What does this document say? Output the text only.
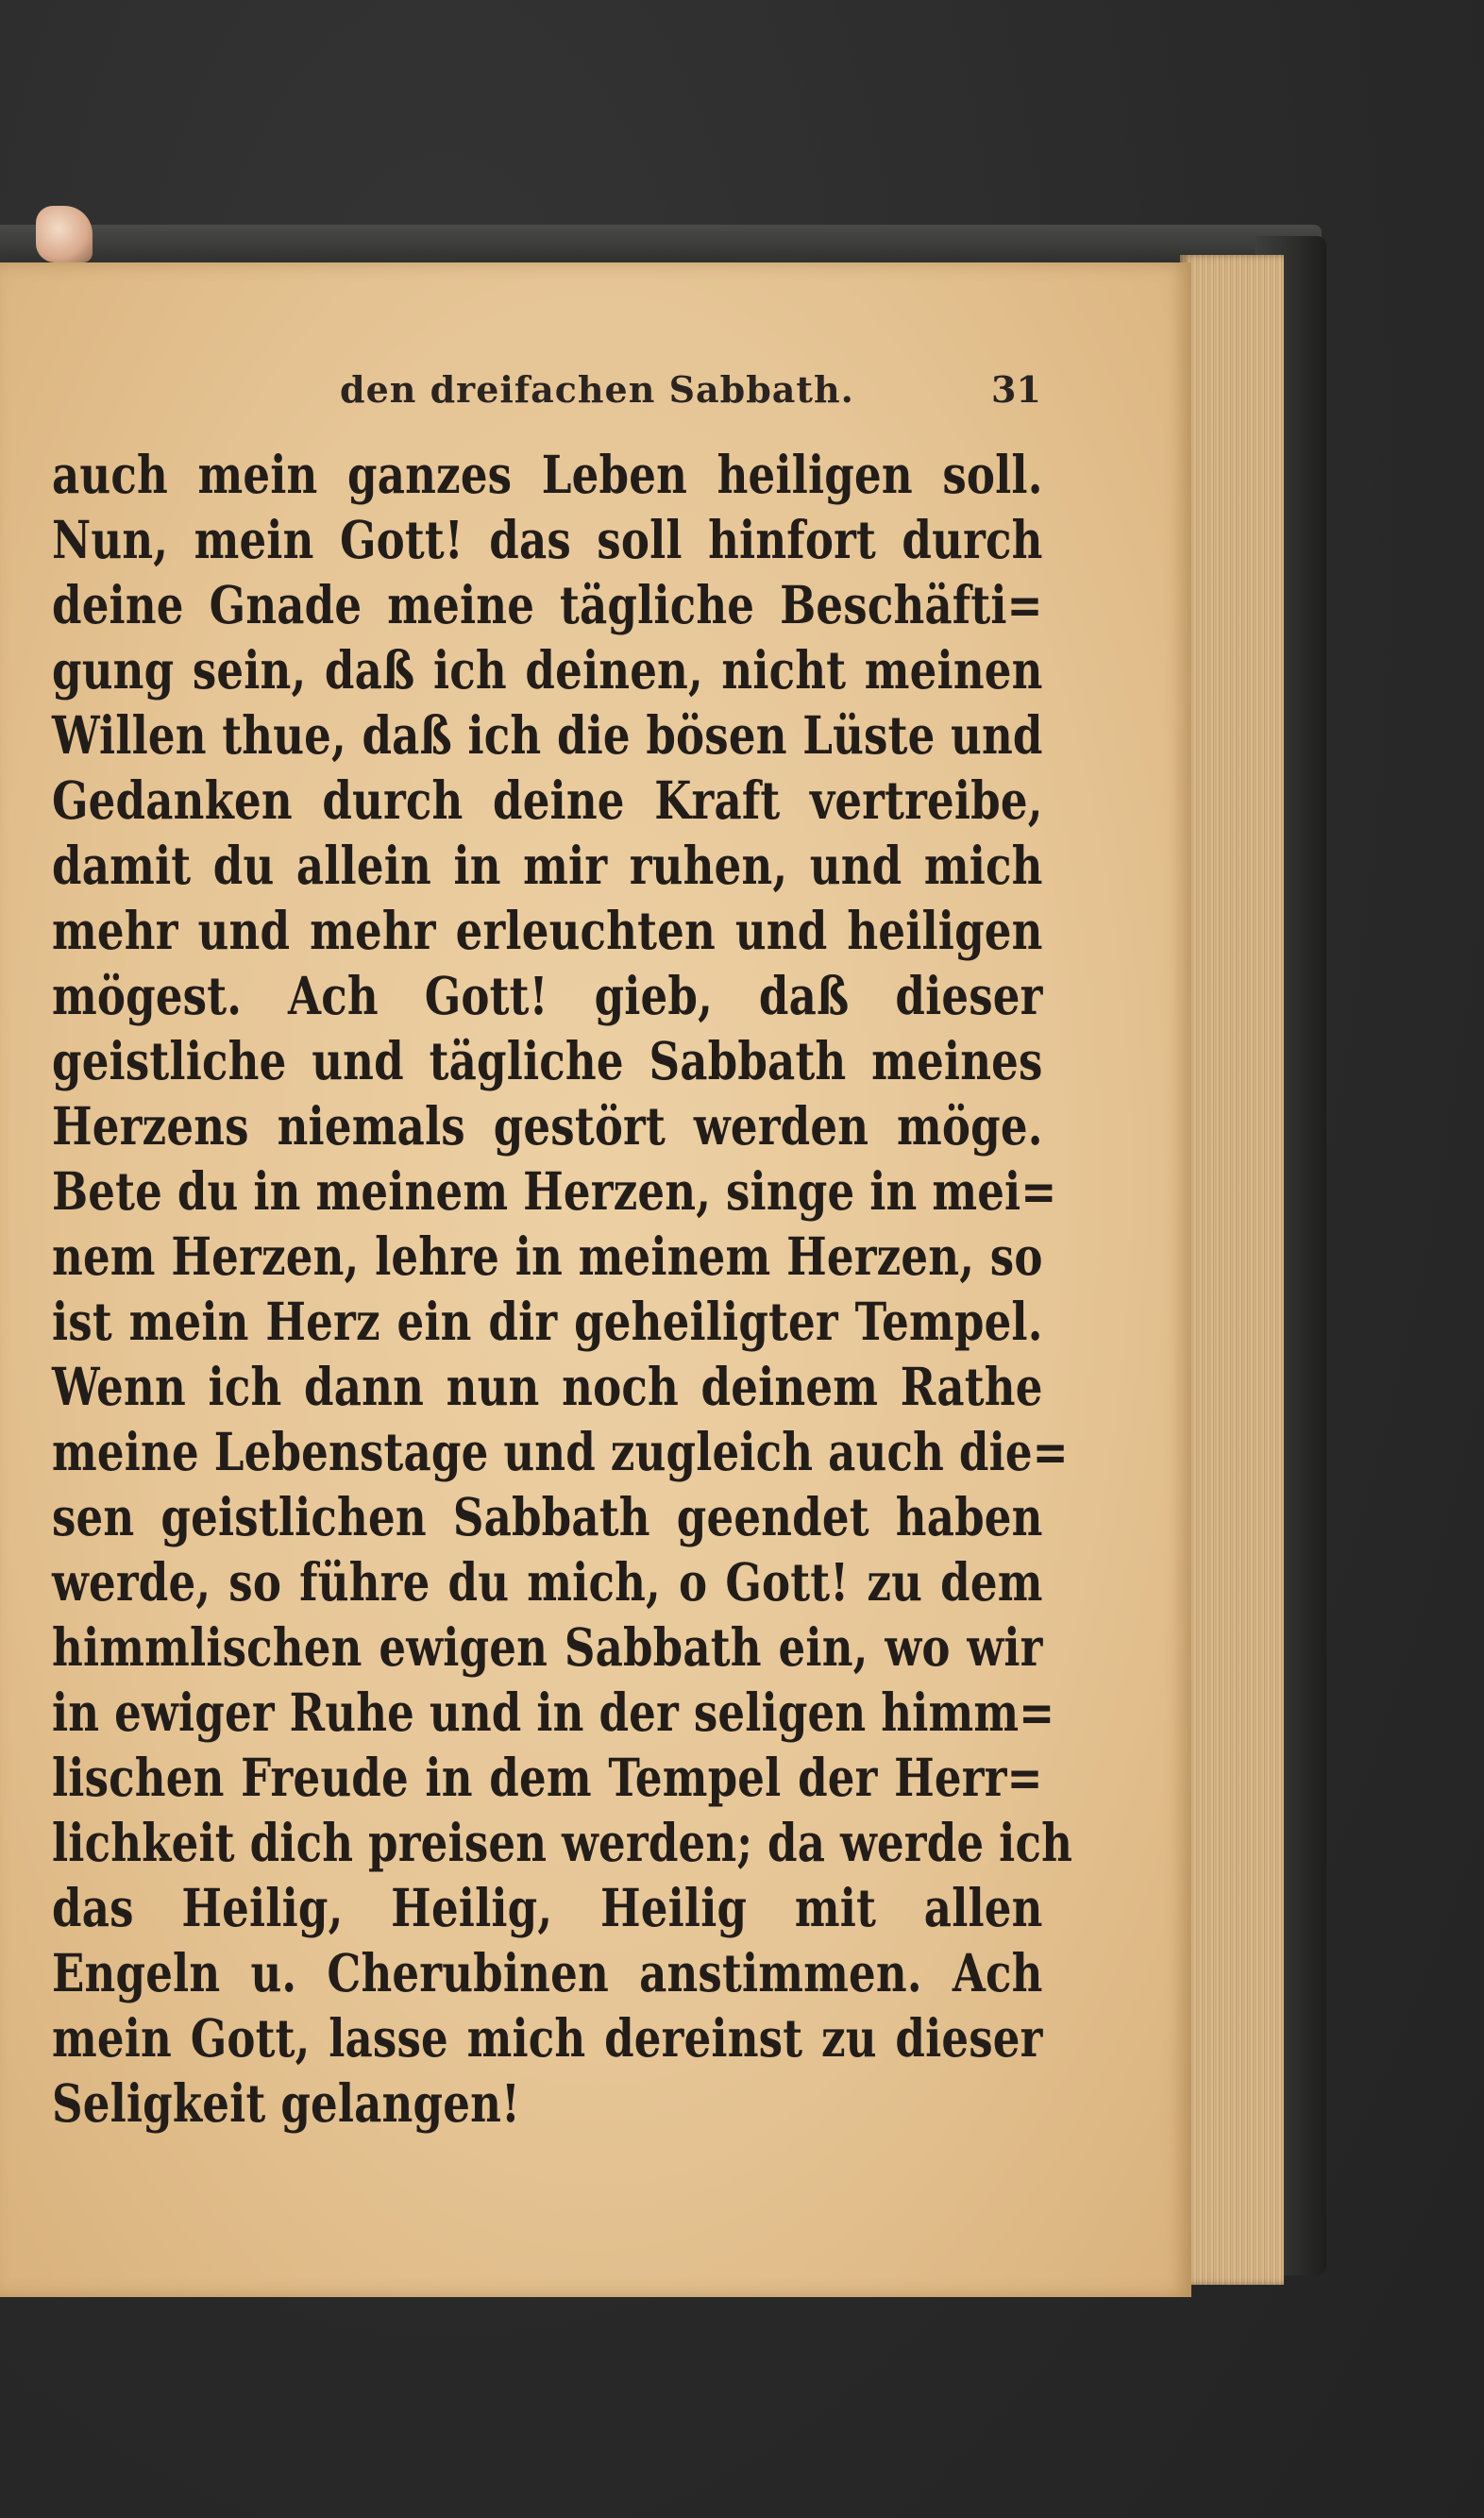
den dreifachen Sabbath.	31
auch mein ganzes Leben heiligen soll.
Nun, mein Gott! das soll hinfort durch
deine Gnade meine tägliche Beschäfti=
gung sein, daß ich deinen, nicht meinen
Willen thue, daß ich die bösen Lüste und
Gedanken durch deine Kraft vertreibe,
damit du allein in mir ruhen, und mich
mehr und mehr erleuchten und heiligen
mögest. Ach Gott! gieb, daß dieser
geistliche und tägliche Sabbath meines
Herzens niemals gestört werden möge.
Bete du in meinem Herzen, singe in mei=
nem Herzen, lehre in meinem Herzen, so
ist mein Herz ein dir geheiligter Tempel.
Wenn ich dann nun noch deinem Rathe
meine Lebenstage und zugleich auch die=
sen geistlichen Sabbath geendet haben
werde, so führe du mich, o Gott! zu dem
himmlischen ewigen Sabbath ein, wo wir
in ewiger Ruhe und in der seligen himm=
lischen Freude in dem Tempel der Herr=
lichkeit dich preisen werden; da werde ich
das Heilig, Heilig, Heilig mit allen
Engeln u. Cherubinen anstimmen. Ach
mein Gott, lasse mich dereinst zu dieser
Seligkeit gelangen!
